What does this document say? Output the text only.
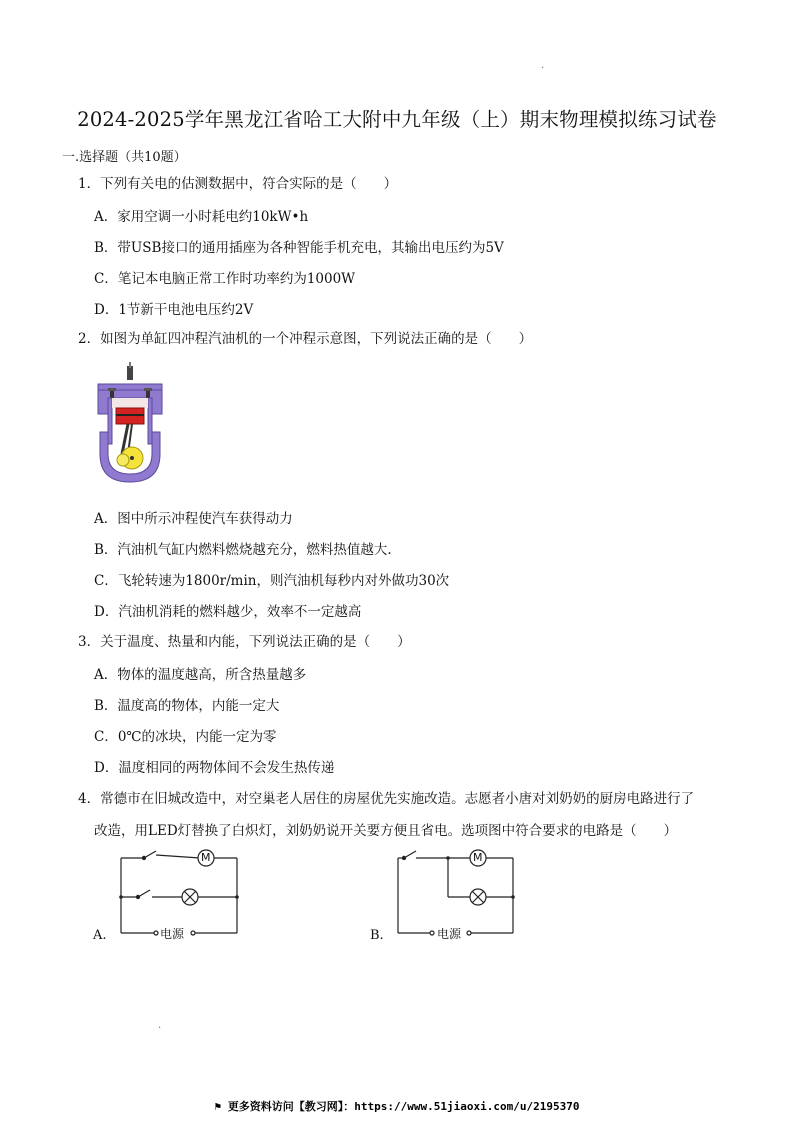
.
2024-2025学年黑龙江省哈工大附中九年级（上）期末物理模拟练习试卷
一.选择题（共10题）
1．下列有关电的估测数据中，符合实际的是（　　）
A．家用空调一小时耗电约10kW•h
B．带USB接口的通用插座为各种智能手机充电，其输出电压约为5V
C．笔记本电脑正常工作时功率约为1000W
D．1节新干电池电压约2V
2．如图为单缸四冲程汽油机的一个冲程示意图，下列说法正确的是（　　）
A．图中所示冲程使汽车获得动力
B．汽油机气缸内燃料燃烧越充分，燃料热值越大.
C．飞轮转速为1800r/min，则汽油机每秒内对外做功30次
D．汽油机消耗的燃料越少，效率不一定越高
3．关于温度、热量和内能，下列说法正确的是（　　）
A．物体的温度越高，所含热量越多
B．温度高的物体，内能一定大
C．0℃的冰块，内能一定为零
D．温度相同的两物体间不会发生热传递
4．常德市在旧城改造中，对空巢老人居住的房屋优先实施改造。志愿者小唐对刘奶奶的厨房电路进行了
改造，用LED灯替换了白炽灯，刘奶奶说开关要方便且省电。选项图中符合要求的电路是（　　）
M
电源
A.
M
电源
B.
.
⚑ 更多资料访问【教习网】：https://www.51jiaoxi.com/u/2195370
